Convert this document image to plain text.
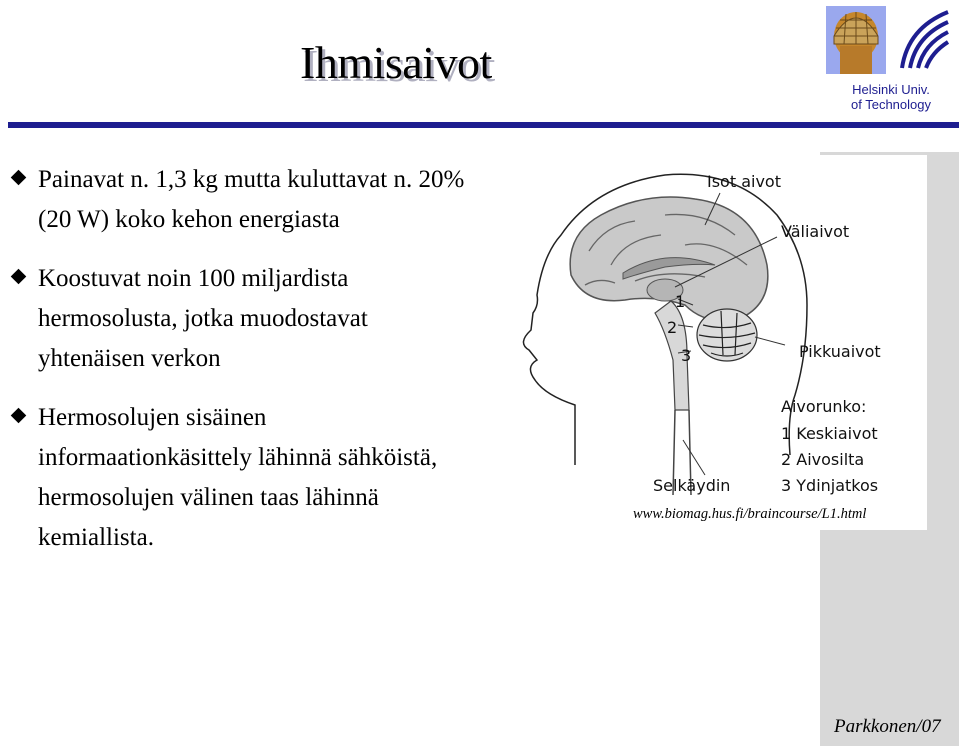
Ihmisaivot
Helsinki Univ.
of Technology
Painavat n. 1,3 kg mutta kuluttavat n. 20% (20 W) koko kehon energiasta
Koostuvat noin 100 miljardista hermosolusta, jotka muodostavat yhtenäisen verkon
Hermosolujen sisäinen informaationkäsittely lähinnä sähköistä, hermosolujen välinen taas lähinnä kemiallista.
Isot aivot
Väliaivot
Pikkuaivot
Aivorunko:
1 Keskiaivot
2 Aivosilta
3 Ydinjatkos
Selkäydin
1
2
3
www.biomag.hus.fi/braincourse/L1.html
Parkkonen/07
